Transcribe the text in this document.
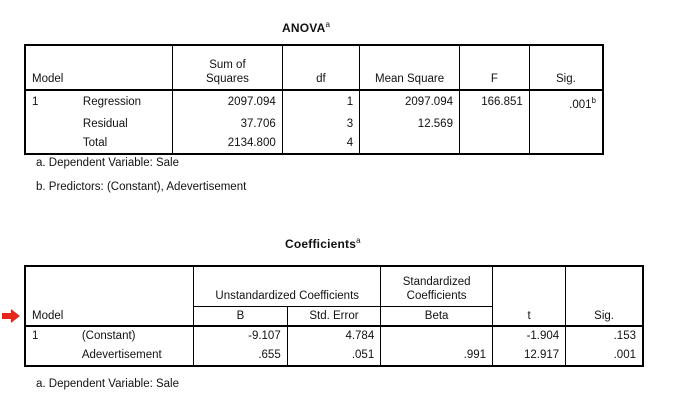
ANOVA$^a$
Model		Sum of Squares	df	Mean Square	F	Sig.
1	Regression	2097.094	1	2097.094	166.851	.001$^b$
	Residual	37.706	3	12.569		
	Total	2134.800	4			
a. Dependent Variable: Sale
b. Predictors: (Constant), Adevertisement
Coefficients$^a$
Model		Unstandardized Coefficients		Standardized Coefficients	t	Sig.
		B	Std. Error	Beta		
1	(Constant)	-9.107	4.784		-1.904	.153
	Adevertisement	.655	.051	.991	12.917	.001
a. Dependent Variable: Sale
